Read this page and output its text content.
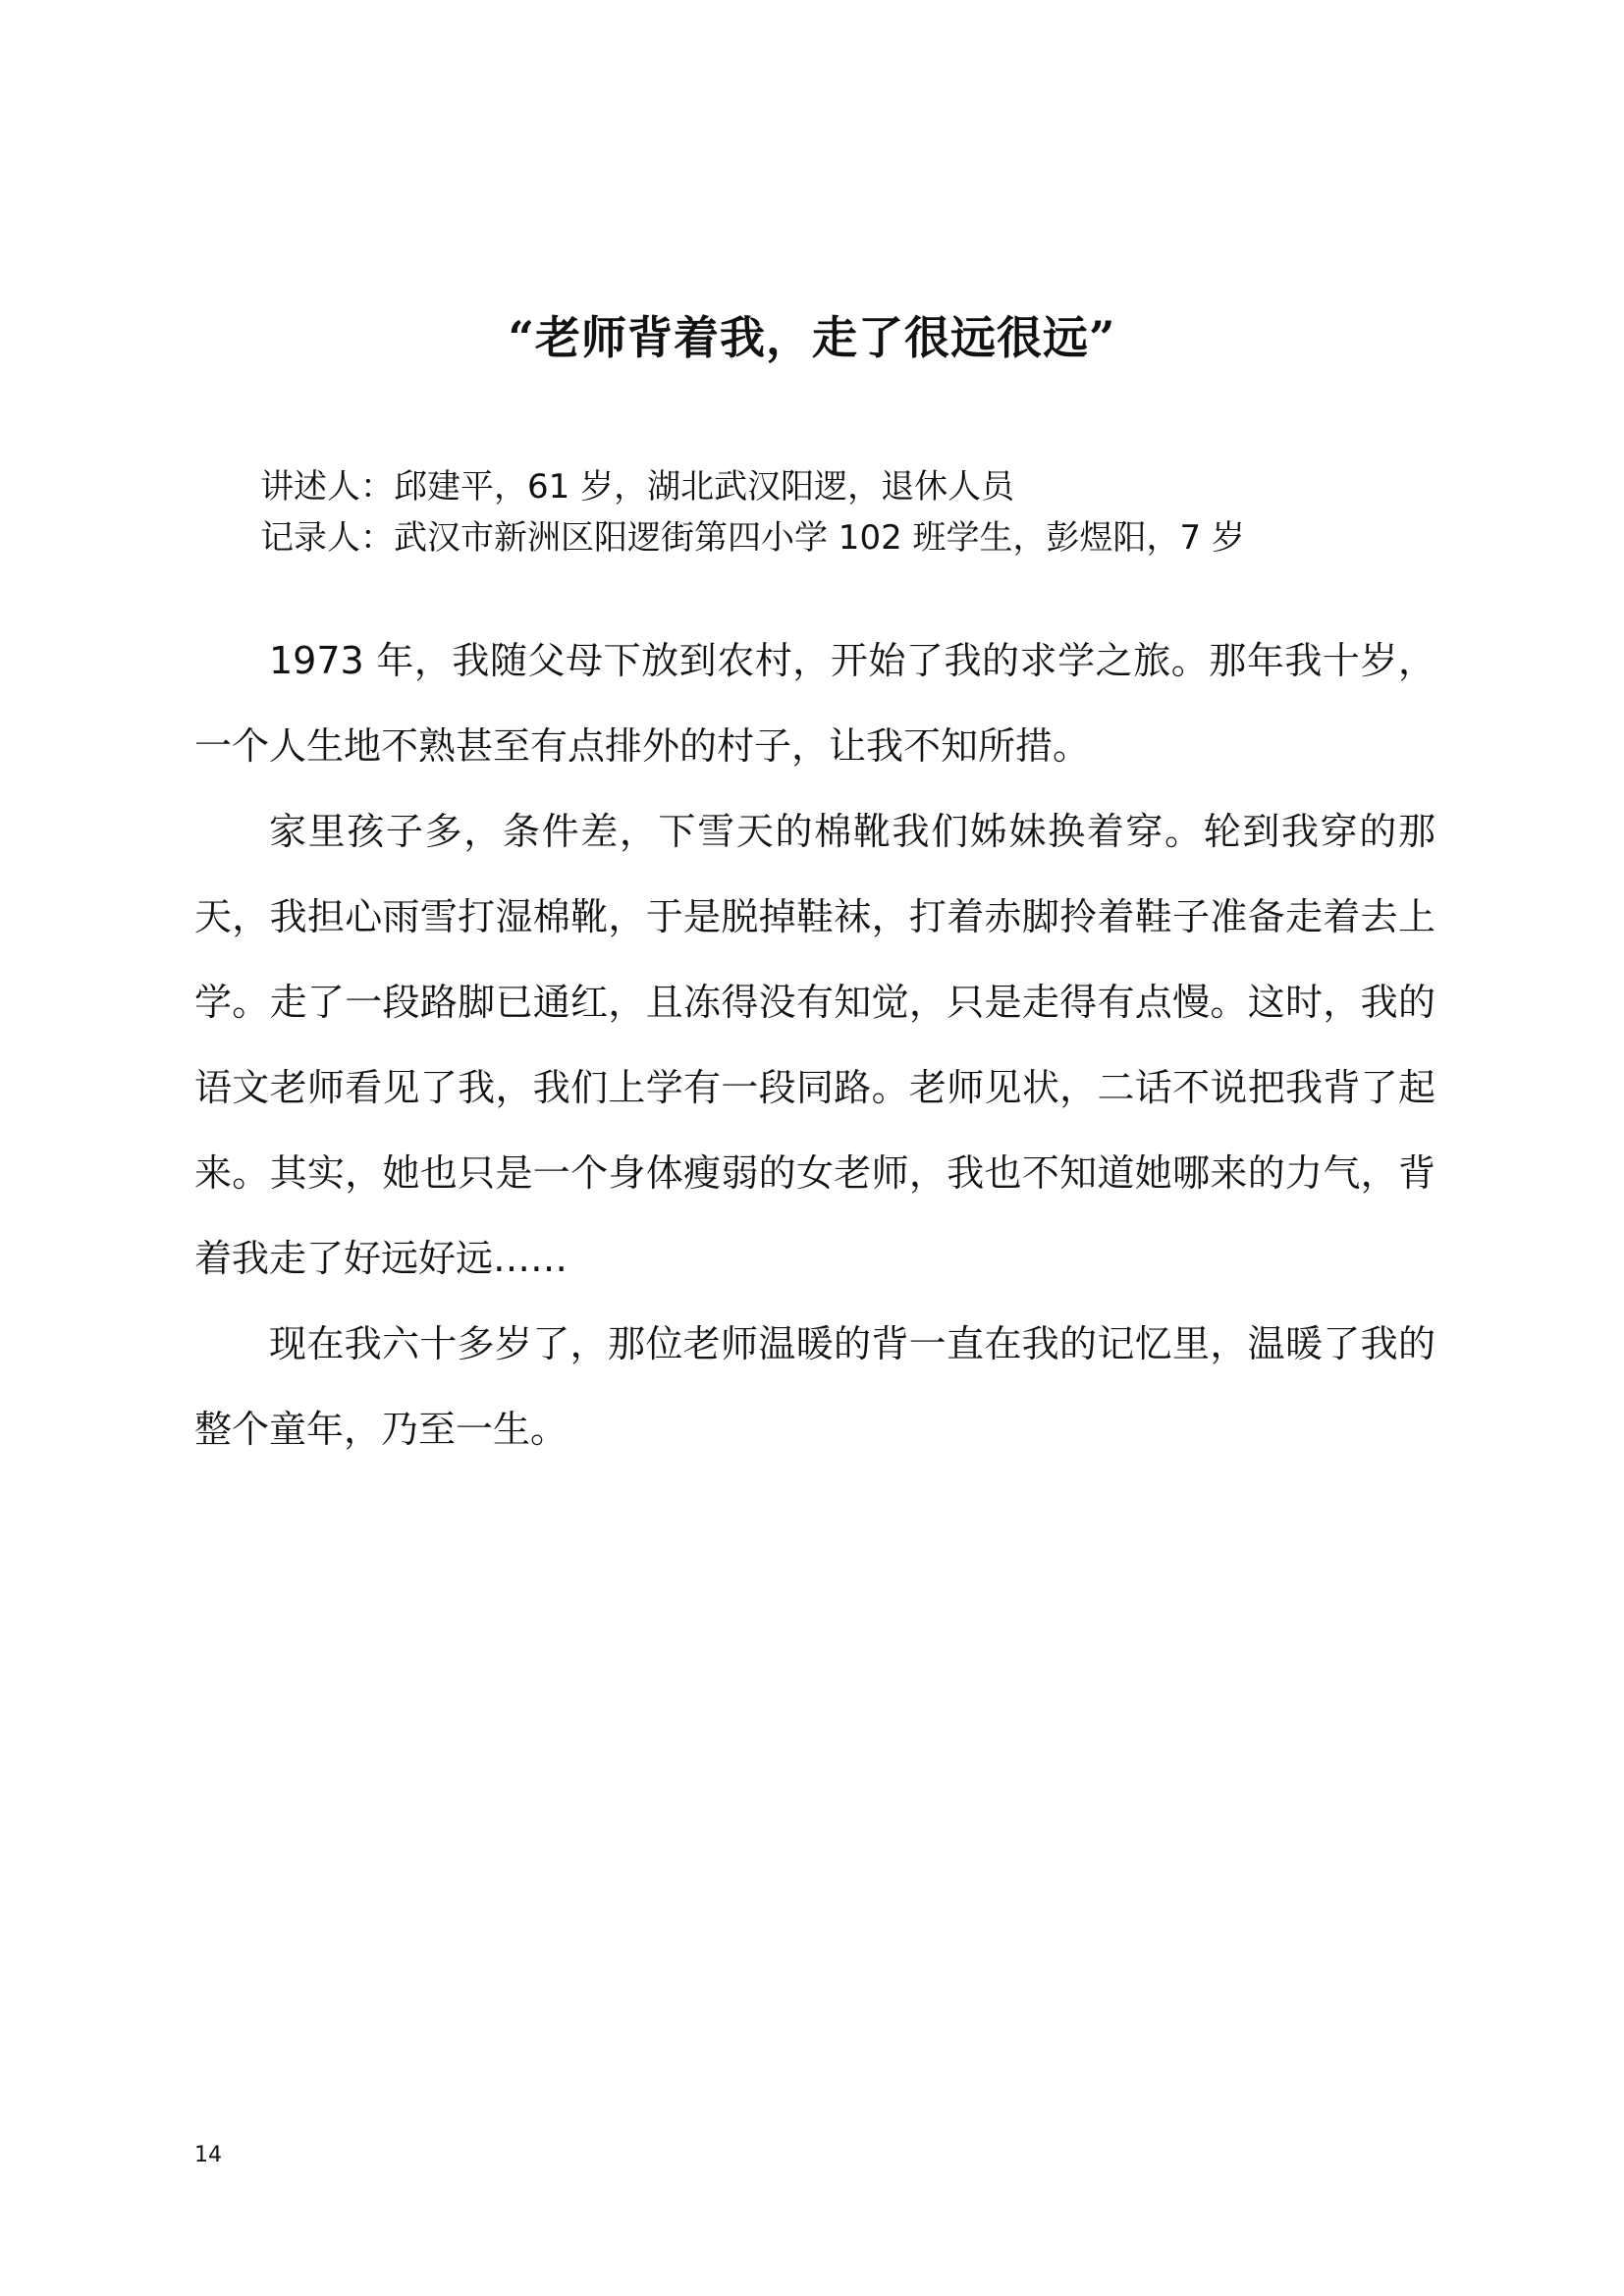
“老师背着我，走了很远很远”
讲述人：邱建平，61 岁，湖北武汉阳逻，退休人员
记录人：武汉市新洲区阳逻街第四小学 102 班学生，彭煜阳，7 岁

1973 年，我随父母下放到农村，开始了我的求学之旅。那年我十岁，一个人生地不熟甚至有点排外的村子，让我不知所措。

家里孩子多，条件差，下雪天的棉靴我们姊妹换着穿。轮到我穿的那天，我担心雨雪打湿棉靴，于是脱掉鞋袜，打着赤脚拎着鞋子准备走着去上学。走了一段路脚已通红，且冻得没有知觉，只是走得有点慢。这时，我的语文老师看见了我，我们上学有一段同路。老师见状，二话不说把我背了起来。其实，她也只是一个身体瘦弱的女老师，我也不知道她哪来的力气，背着我走了好远好远……

现在我六十多岁了，那位老师温暖的背一直在我的记忆里，温暖了我的整个童年，乃至一生。

14
